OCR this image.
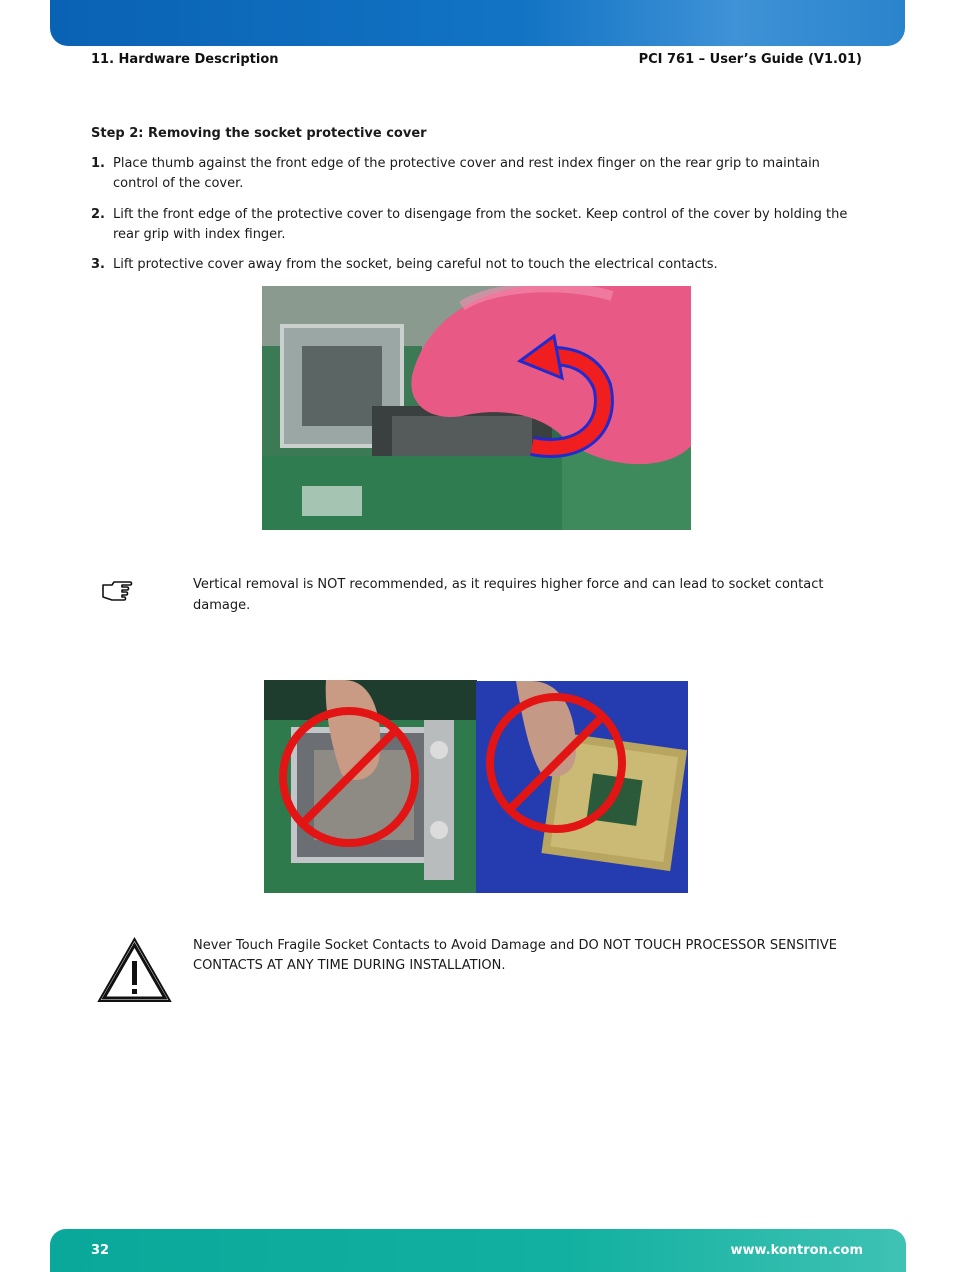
11. Hardware Description	PCI 761 – User’s Guide (V1.01)
Step 2: Removing the socket protective cover
1. Place thumb against the front edge of the protective cover and rest index finger on the rear grip to maintain control of the cover.
2. Lift the front edge of the protective cover to disengage from the socket. Keep control of the cover by holding the rear grip with index finger.
3. Lift protective cover away from the socket, being careful not to touch the electrical contacts.
Vertical removal is NOT recommended, as it requires higher force and can lead to socket contact damage.
Never Touch Fragile Socket Contacts to Avoid Damage and DO NOT TOUCH PROCESSOR SENSITIVE CONTACTS AT ANY TIME DURING INSTALLATION.
32	www.kontron.com
